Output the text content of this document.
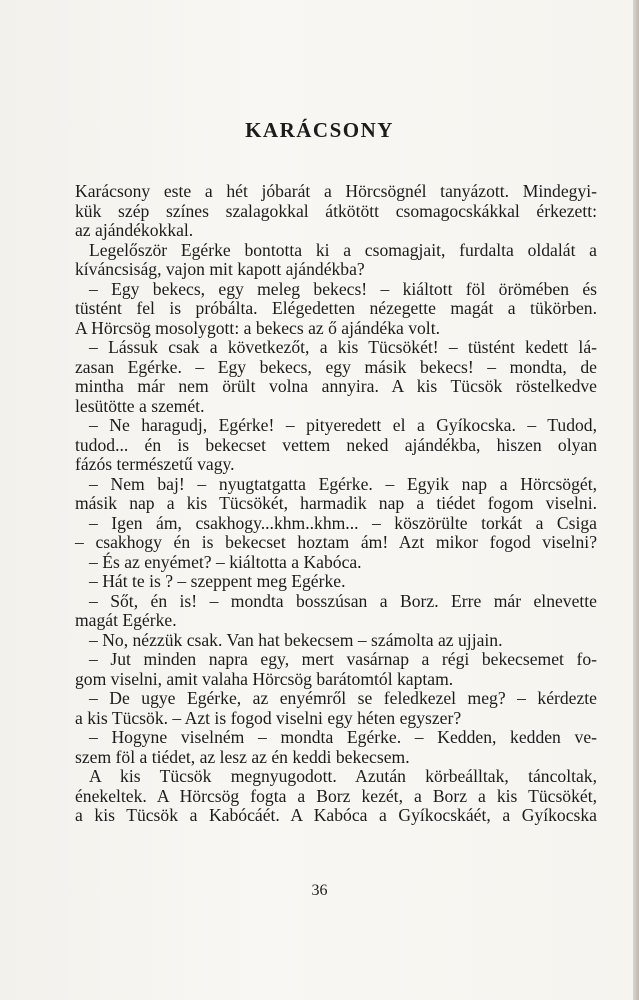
KARÁCSONY
Karácsony este a hét jóbarát a Hörcsögnél tanyázott. Mindegyi-
kük szép színes szalagokkal átkötött csomagocskákkal érkezett:
az ajándékokkal.
Legelőször Egérke bontotta ki a csomagjait, furdalta oldalát a
kíváncsiság, vajon mit kapott ajándékba?
– Egy bekecs, egy meleg bekecs! – kiáltott föl örömében és
tüstént fel is próbálta. Elégedetten nézegette magát a tükörben.
A Hörcsög mosolygott: a bekecs az ő ajándéka volt.
– Lássuk csak a következőt, a kis Tücsökét! – tüstént kedett lá-
zasan Egérke. – Egy bekecs, egy másik bekecs! – mondta, de
mintha már nem örült volna annyira. A kis Tücsök röstelkedve
lesütötte a szemét.
– Ne haragudj, Egérke! – pityeredett el a Gyíkocska. – Tudod,
tudod... én is bekecset vettem neked ajándékba, hiszen olyan
fázós természetű vagy.
– Nem baj! – nyugtatgatta Egérke. – Egyik nap a Hörcsögét,
másik nap a kis Tücsökét, harmadik nap a tiédet fogom viselni.
– Igen ám, csakhogy...khm..khm... – köszörülte torkát a Csiga
– csakhogy én is bekecset hoztam ám! Azt mikor fogod viselni?
– És az enyémet? – kiáltotta a Kabóca.
– Hát te is ? – szeppent meg Egérke.
– Sőt, én is! – mondta bosszúsan a Borz. Erre már elnevette
magát Egérke.
– No, nézzük csak. Van hat bekecsem – számolta az ujjain.
– Jut minden napra egy, mert vasárnap a régi bekecsemet fo-
gom viselni, amit valaha Hörcsög barátomtól kaptam.
– De ugye Egérke, az enyémről se feledkezel meg? – kérdezte
a kis Tücsök. – Azt is fogod viselni egy héten egyszer?
– Hogyne viselném – mondta Egérke. – Kedden, kedden ve-
szem föl a tiédet, az lesz az én keddi bekecsem.
A kis Tücsök megnyugodott. Azután körbeálltak, táncoltak,
énekeltek. A Hörcsög fogta a Borz kezét, a Borz a kis Tücsökét,
a kis Tücsök a Kabócáét. A Kabóca a Gyíkocskáét, a Gyíkocska
36
